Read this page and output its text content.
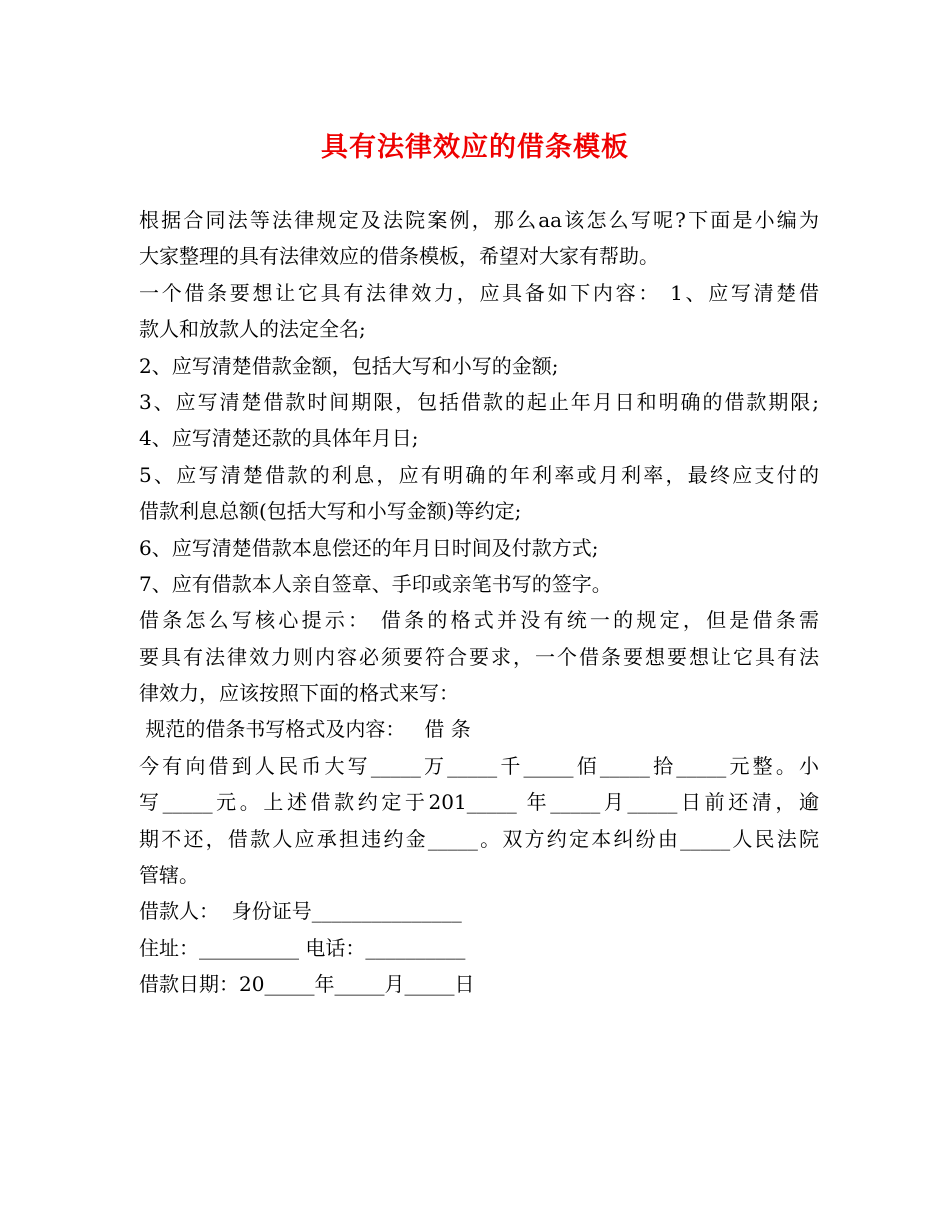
具有法律效应的借条模板
根据合同法等法律规定及法院案例，那么aa该怎么写呢?下面是小编为
大家整理的具有法律效应的借条模板，希望对大家有帮助。
一个借条要想让它具有法律效力，应具备如下内容： 1、应写清楚借
款人和放款人的法定全名;
2、应写清楚借款金额，包括大写和小写的金额;
3、应写清楚借款时间期限，包括借款的起止年月日和明确的借款期限;
4、应写清楚还款的具体年月日;
5、应写清楚借款的利息，应有明确的年利率或月利率，最终应支付的
借款利息总额(包括大写和小写金额)等约定;
6、应写清楚借款本息偿还的年月日时间及付款方式;
7、应有借款本人亲自签章、手印或亲笔书写的签字。
借条怎么写核心提示： 借条的格式并没有统一的规定，但是借条需
要具有法律效力则内容必须要符合要求，一个借条要想要想让它具有法
律效力，应该按照下面的格式来写：
规范的借条书写格式及内容：   借 条
今有向借到人民币大写_____万_____千_____佰_____拾_____元整。小
写_____元。上述借款约定于201_____ 年_____月_____日前还清，逾
期不还，借款人应承担违约金_____。双方约定本纠纷由_____人民法院
管辖。
借款人：  身份证号_______________
住址：__________ 电话：__________
借款日期：20_____年_____月_____日
